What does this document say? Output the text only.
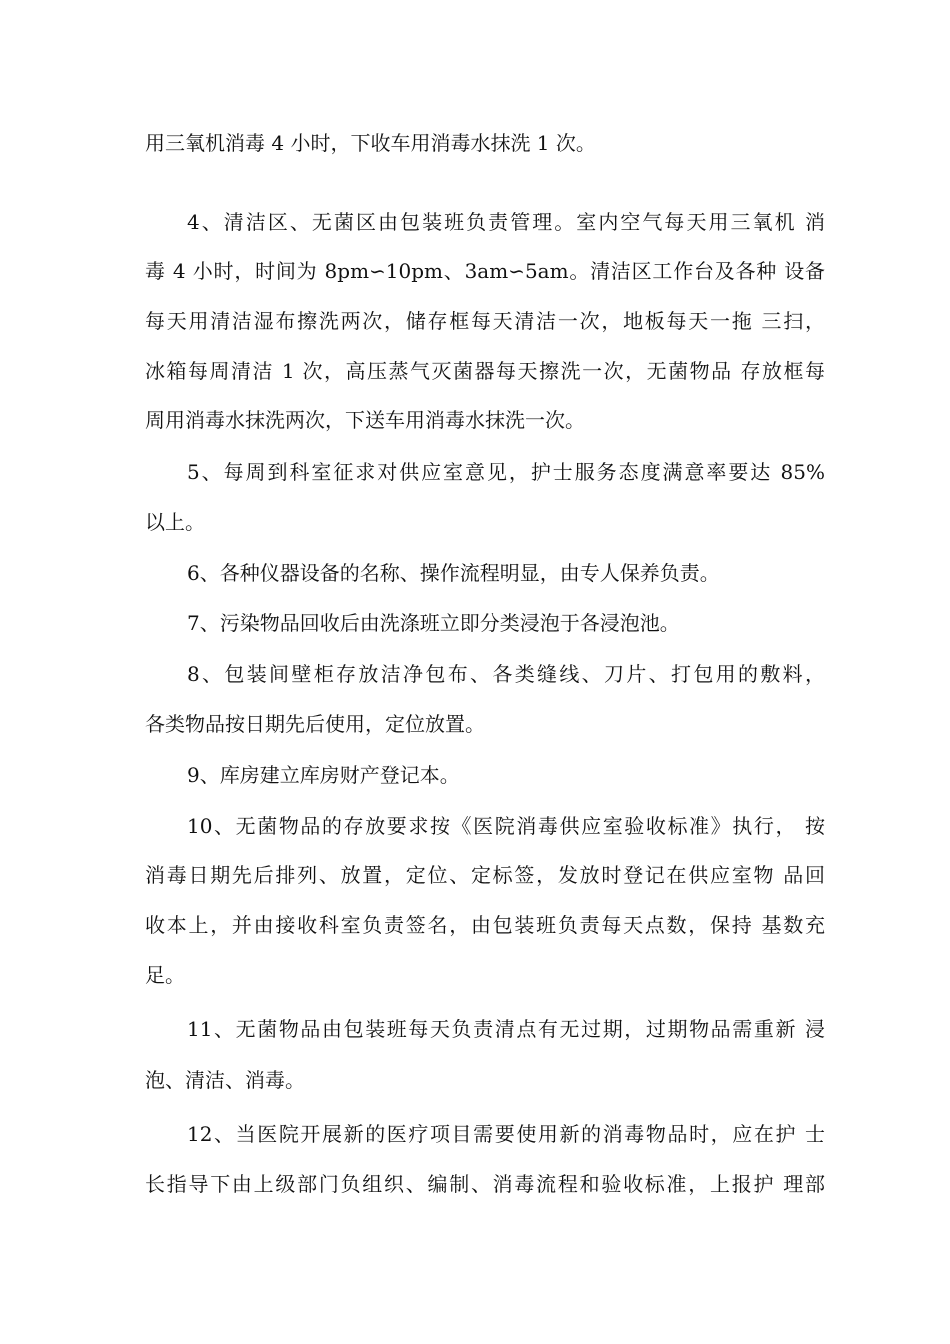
用三氧机消毒 4 小时，下收车用消毒水抹洗 1 次。
4、清洁区、无菌区由包装班负责管理。室内空气每天用三氧机 消
毒 4 小时，时间为 8pm∽10pm、3am∽5am。清洁区工作台及各种 设备
每天用清洁湿布擦洗两次，储存框每天清洁一次，地板每天一拖 三扫，
冰箱每周清洁 1 次，高压蒸气灭菌器每天擦洗一次，无菌物品 存放框每
周用消毒水抹洗两次，下送车用消毒水抹洗一次。
5、每周到科室征求对供应室意见，护士服务态度满意率要达 85%
以上。
6、各种仪器设备的名称、操作流程明显，由专人保养负责。
7、污染物品回收后由洗涤班立即分类浸泡于各浸泡池。
8、包装间壁柜存放洁净包布、各类缝线、刀片、打包用的敷料，
各类物品按日期先后使用，定位放置。
9、库房建立库房财产登记本。
10、无菌物品的存放要求按《医院消毒供应室验收标准》执行， 按
消毒日期先后排列、放置，定位、定标签，发放时登记在供应室物 品回
收本上，并由接收科室负责签名，由包装班负责每天点数，保持 基数充
足。
11、无菌物品由包装班每天负责清点有无过期，过期物品需重新 浸
泡、清洁、消毒。
12、当医院开展新的医疗项目需要使用新的消毒物品时，应在护 士
长指导下由上级部门负组织、编制、消毒流程和验收标准，上报护 理部
